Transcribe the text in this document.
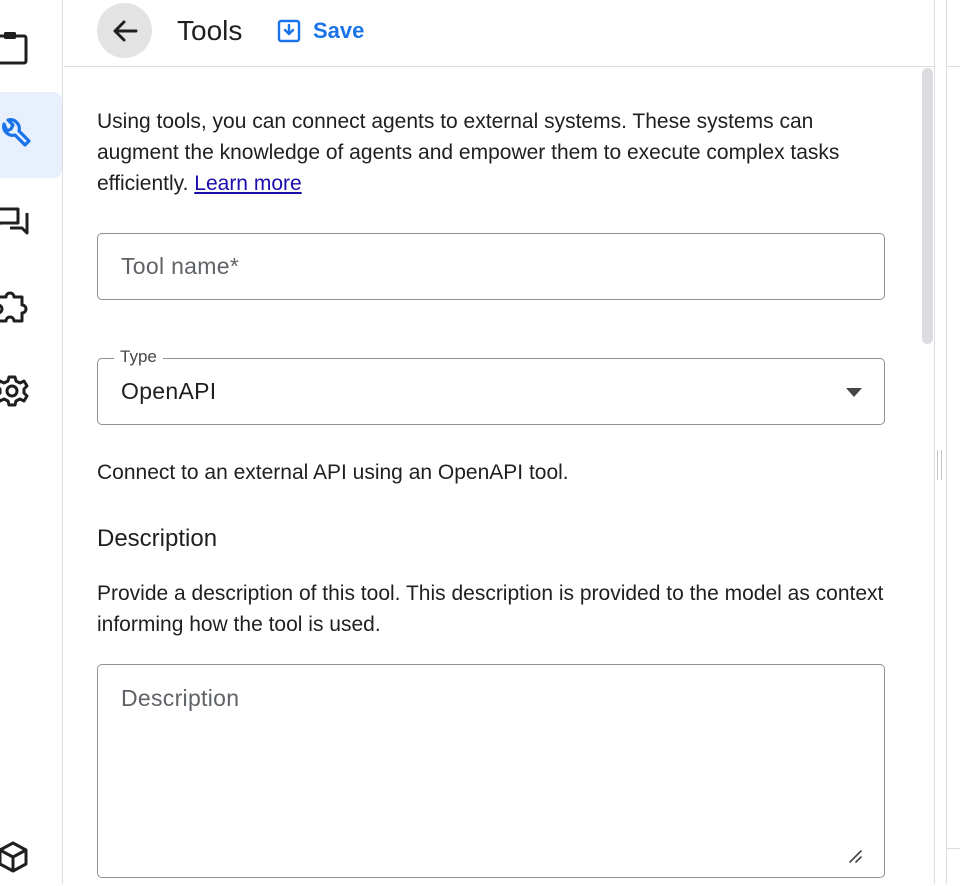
Tools	Save
Using tools, you can connect agents to external systems. These systems can augment the knowledge of agents and empower them to execute complex tasks efficiently. Learn more
Tool name*
Type
OpenAPI
Connect to an external API using an OpenAPI tool.
Description
Provide a description of this tool. This description is provided to the model as context informing how the tool is used.
Description
